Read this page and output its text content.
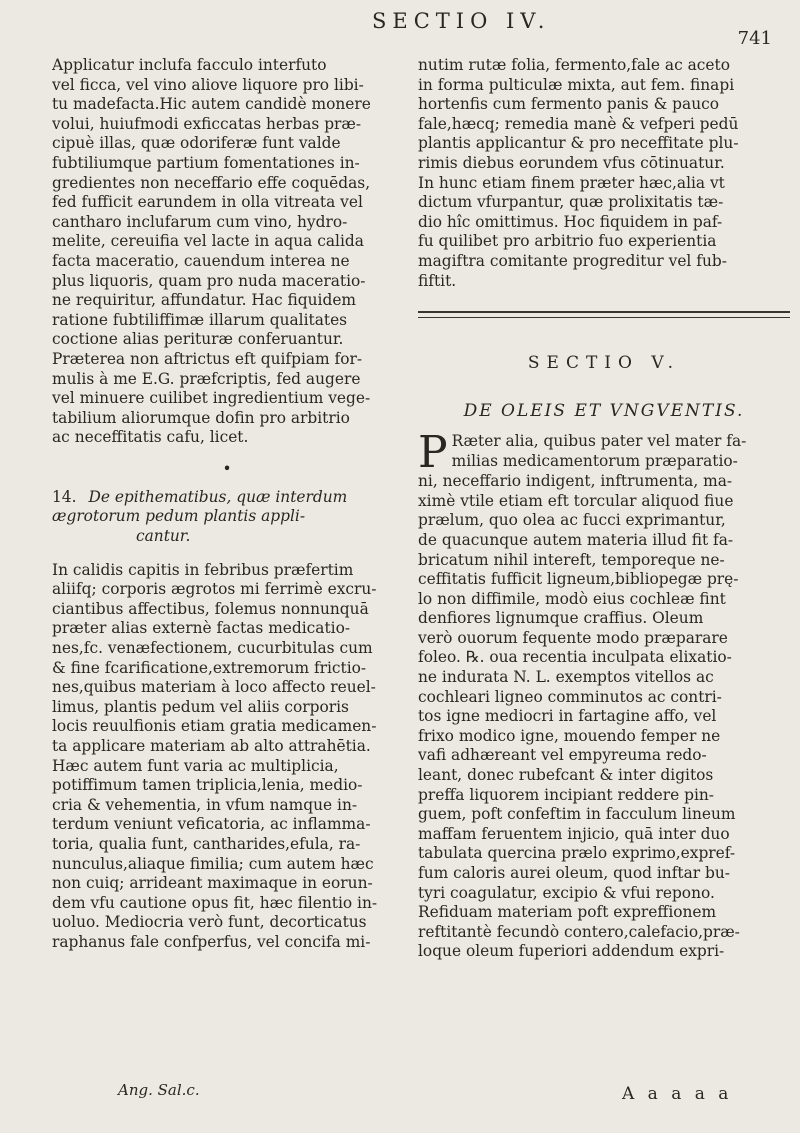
SECTIO IV.
741
Applicatur inclufa facculo interfuto
vel ficca, vel vino aliove liquore pro libi-
tu madefacta.Hic autem candidè monere
volui, huiufmodi exficcatas herbas præ-
cipuè illas, quæ odoriferæ funt valde
fubtiliumque partium fomentationes in-
gredientes non neceffario effe coquēdas,
fed fufficit earundem in olla vitreata vel
cantharo inclufarum cum vino, hydro-
melite, cereuifia vel lacte in aqua calida
facta maceratio, cauendum interea ne
plus liquoris, quam pro nuda maceratio-
ne requiritur, affundatur. Hac fiquidem
ratione fubtiliffimæ illarum qualitates
coctione alias perituræ conferuantur.
Præterea non aftrictus eft quifpiam for-
mulis à me E.G. præfcriptis, fed augere
vel minuere cuilibet ingredientium vege-
tabilium aliorumque dofin pro arbitrio
ac neceffitatis cafu, licet.
•
14. De epithematibus, quæ interdum
ægrotorum pedum plantis appli-
cantur.
In calidis capitis in febribus præfertim
aliifq; corporis ægrotos mi ferrimè excru-
ciantibus affectibus, folemus nonnunquā
præter alias externè factas medicatio-
nes,fc. venæfectionem, cucurbitulas cum
& fine fcarificatione,extremorum frictio-
nes,quibus materiam à loco affecto reuel-
limus, plantis pedum vel aliis corporis
locis reuulfionis etiam gratia medicamen-
ta applicare materiam ab alto attrahētia.
Hæc autem funt varia ac multiplicia,
potiffimum tamen triplicia,lenia, medio-
cria & vehementia, in vfum namque in-
terdum veniunt veficatoria, ac inflamma-
toria, qualia funt, cantharides,efula, ra-
nunculus,aliaque fimilia; cum autem hæc
non cuiq; arrideant maximaque in eorun-
dem vfu cautione opus fit, hæc filentio in-
uoluo. Mediocria verò funt, decorticatus
raphanus fale confperfus, vel concifa mi-
Ang. Sal.c.
nutim rutæ folia, fermento,fale ac aceto
in forma pulticulæ mixta, aut fem. finapi
hortenfis cum fermento panis & pauco
fale,hæcq; remedia manè & vefperi pedū
plantis applicantur & pro neceffitate plu-
rimis diebus eorundem vfus cōtinuatur.
In hunc etiam finem præter hæc,alia vt
dictum vfurpantur, quæ prolixitatis tæ-
dio hîc omittimus. Hoc fiquidem in paf-
fu quilibet pro arbitrio fuo experientia
magiftra comitante progreditur vel fub-
fiftit.
SECTIO V.
DE OLEIS ET VNGVENTIS.
P Ræter alia, quibus pater vel mater fa-
milias medicamentorum præparatio-
ni, neceffario indigent, inftrumenta, ma-
ximè vtile etiam eft torcular aliquod fiue
prælum, quo olea ac fucci exprimantur,
de quacunque autem materia illud fit fa-
bricatum nihil intereft, temporeque ne-
ceffitatis fufficit ligneum,bibliopegæ prę-
lo non diffimile, modò eius cochleæ fint
denfiores lignumque craffius. Oleum
verò ouorum fequente modo præparare
foleo. ℞. oua recentia inculpata elixatio-
ne indurata N. L. exemptos vitellos ac
cochleari ligneo comminutos ac contri-
tos igne mediocri in fartagine affo, vel
frixo modico igne, mouendo femper ne
vafi adhæreant vel empyreuma redo-
leant, donec rubefcant & inter digitos
preffa liquorem incipiant reddere pin-
guem, poft confeftim in facculum lineum
maffam feruentem injicio, quā inter duo
tabulata quercina prælo exprimo,expref-
fum caloris aurei oleum, quod inftar bu-
tyri coagulatur, excipio & vfui repono.
Refiduam materiam poft expreffionem
reftitantè fecundò contero,calefacio,præ-
loque oleum fuperiori addendum expri-
A a a a a
